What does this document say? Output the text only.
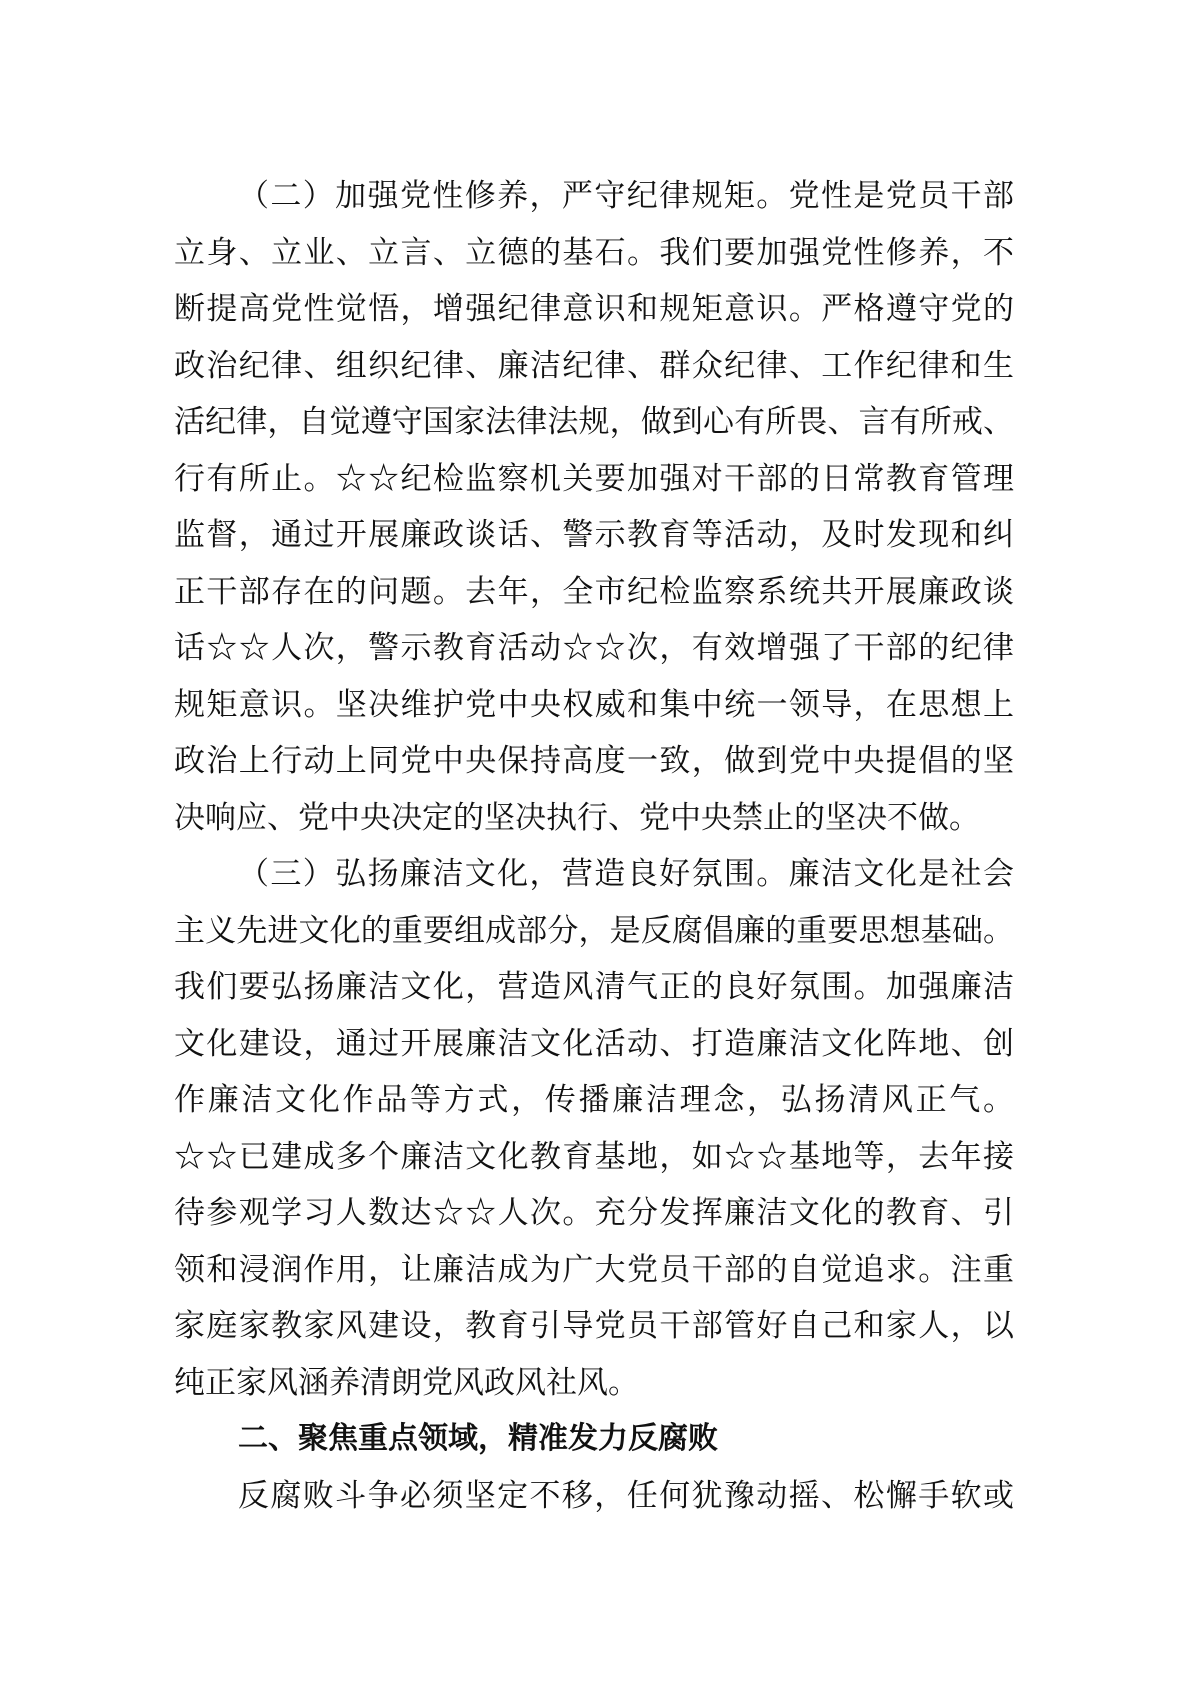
（二）加强党性修养，严守纪律规矩。党性是党员干部
立身、立业、立言、立德的基石。我们要加强党性修养，不
断提高党性觉悟，增强纪律意识和规矩意识。严格遵守党的
政治纪律、组织纪律、廉洁纪律、群众纪律、工作纪律和生
活纪律，自觉遵守国家法律法规，做到心有所畏、言有所戒、
行有所止。☆☆纪检监察机关要加强对干部的日常教育管理
监督，通过开展廉政谈话、警示教育等活动，及时发现和纠
正干部存在的问题。去年，全市纪检监察系统共开展廉政谈
话☆☆人次，警示教育活动☆☆次，有效增强了干部的纪律
规矩意识。坚决维护党中央权威和集中统一领导，在思想上
政治上行动上同党中央保持高度一致，做到党中央提倡的坚
决响应、党中央决定的坚决执行、党中央禁止的坚决不做。
（三）弘扬廉洁文化，营造良好氛围。廉洁文化是社会
主义先进文化的重要组成部分，是反腐倡廉的重要思想基础。
我们要弘扬廉洁文化，营造风清气正的良好氛围。加强廉洁
文化建设，通过开展廉洁文化活动、打造廉洁文化阵地、创
作廉洁文化作品等方式，传播廉洁理念，弘扬清风正气。
☆☆已建成多个廉洁文化教育基地，如☆☆基地等，去年接
待参观学习人数达☆☆人次。充分发挥廉洁文化的教育、引
领和浸润作用，让廉洁成为广大党员干部的自觉追求。注重
家庭家教家风建设，教育引导党员干部管好自己和家人，以
纯正家风涵养清朗党风政风社风。
二、聚焦重点领域，精准发力反腐败
反腐败斗争必须坚定不移，任何犹豫动摇、松懈手软或
